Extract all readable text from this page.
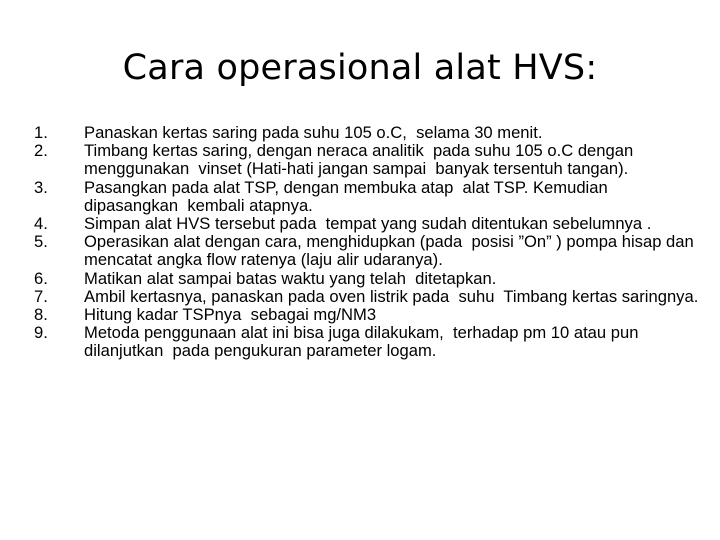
Cara operasional alat HVS:
1.	Panaskan kertas saring pada suhu 105 o.C,  selama 30 menit.
2.	Timbang kertas saring, dengan neraca analitik  pada suhu 105 o.C dengan menggunakan  vinset (Hati-hati jangan sampai  banyak tersentuh tangan).
3.	Pasangkan pada alat TSP, dengan membuka atap  alat TSP. Kemudian  dipasangkan  kembali atapnya.
4.	Simpan alat HVS tersebut pada  tempat yang sudah ditentukan sebelumnya .
5.	Operasikan alat dengan cara, menghidupkan (pada  posisi ”On” ) pompa hisap dan mencatat angka flow ratenya (laju alir udaranya).
6.	Matikan alat sampai batas waktu yang telah  ditetapkan.
7.	Ambil kertasnya, panaskan pada oven listrik pada  suhu  Timbang kertas saringnya.
8.	Hitung kadar TSPnya  sebagai mg/NM3
9.	Metoda penggunaan alat ini bisa juga dilakukam,  terhadap pm 10 atau pun dilanjutkan  pada pengukuran parameter logam.
